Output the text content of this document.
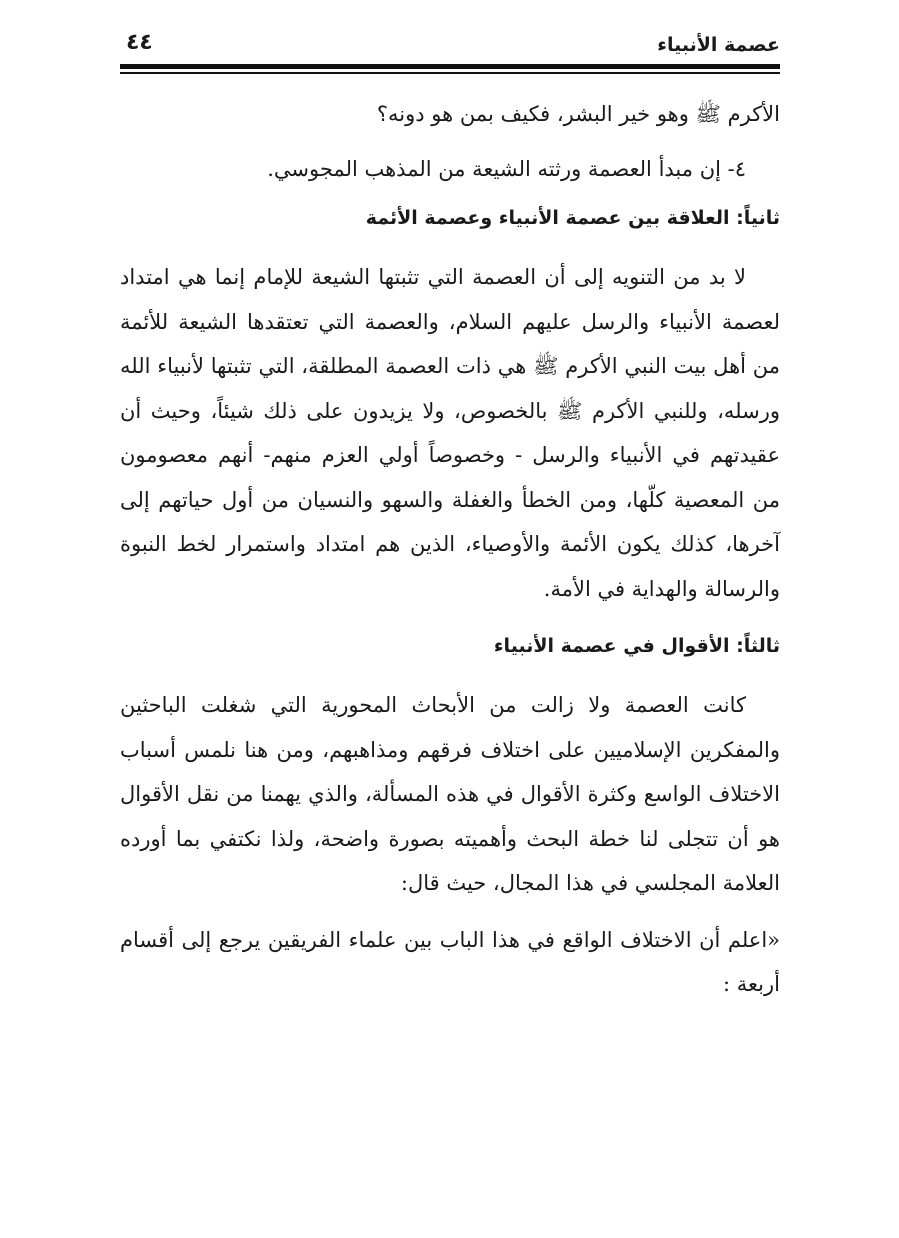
عصمة الأنبياء
٤٤

الأكرم ﷺ وهو خير البشر، فكيف بمن هو دونه؟

٤- إن مبدأ العصمة ورثته الشيعة من المذهب المجوسي.

ثانياً: العلاقة بين عصمة الأنبياء وعصمة الأئمة

لا بد من التنويه إلى أن العصمة التي تثبتها الشيعة للإمام إنما هي امتداد لعصمة الأنبياء والرسل عليهم السلام، والعصمة التي تعتقدها الشيعة للأئمة من أهل بيت النبي الأكرم ﷺ هي ذات العصمة المطلقة، التي تثبتها لأنبياء الله ورسله، وللنبي الأكرم ﷺ بالخصوص، ولا يزيدون على ذلك شيئاً، وحيث أن عقيدتهم في الأنبياء والرسل - وخصوصاً أولي العزم منهم- أنهم معصومون من المعصية كلّها، ومن الخطأ والغفلة والسهو والنسيان من أول حياتهم إلى آخرها، كذلك يكون الأئمة والأوصياء، الذين هم امتداد واستمرار لخط النبوة والرسالة والهداية في الأمة.

ثالثاً: الأقوال في عصمة الأنبياء

كانت العصمة ولا زالت من الأبحاث المحورية التي شغلت الباحثين والمفكرين الإسلاميين على اختلاف فرقهم ومذاهبهم، ومن هنا نلمس أسباب الاختلاف الواسع وكثرة الأقوال في هذه المسألة، والذي يهمنا من نقل الأقوال هو أن تتجلى لنا خطة البحث وأهميته بصورة واضحة، ولذا نكتفي بما أورده العلامة المجلسي في هذا المجال، حيث قال:

«اعلم أن الاختلاف الواقع في هذا الباب بين علماء الفريقين يرجع إلى أقسام أربعة :
